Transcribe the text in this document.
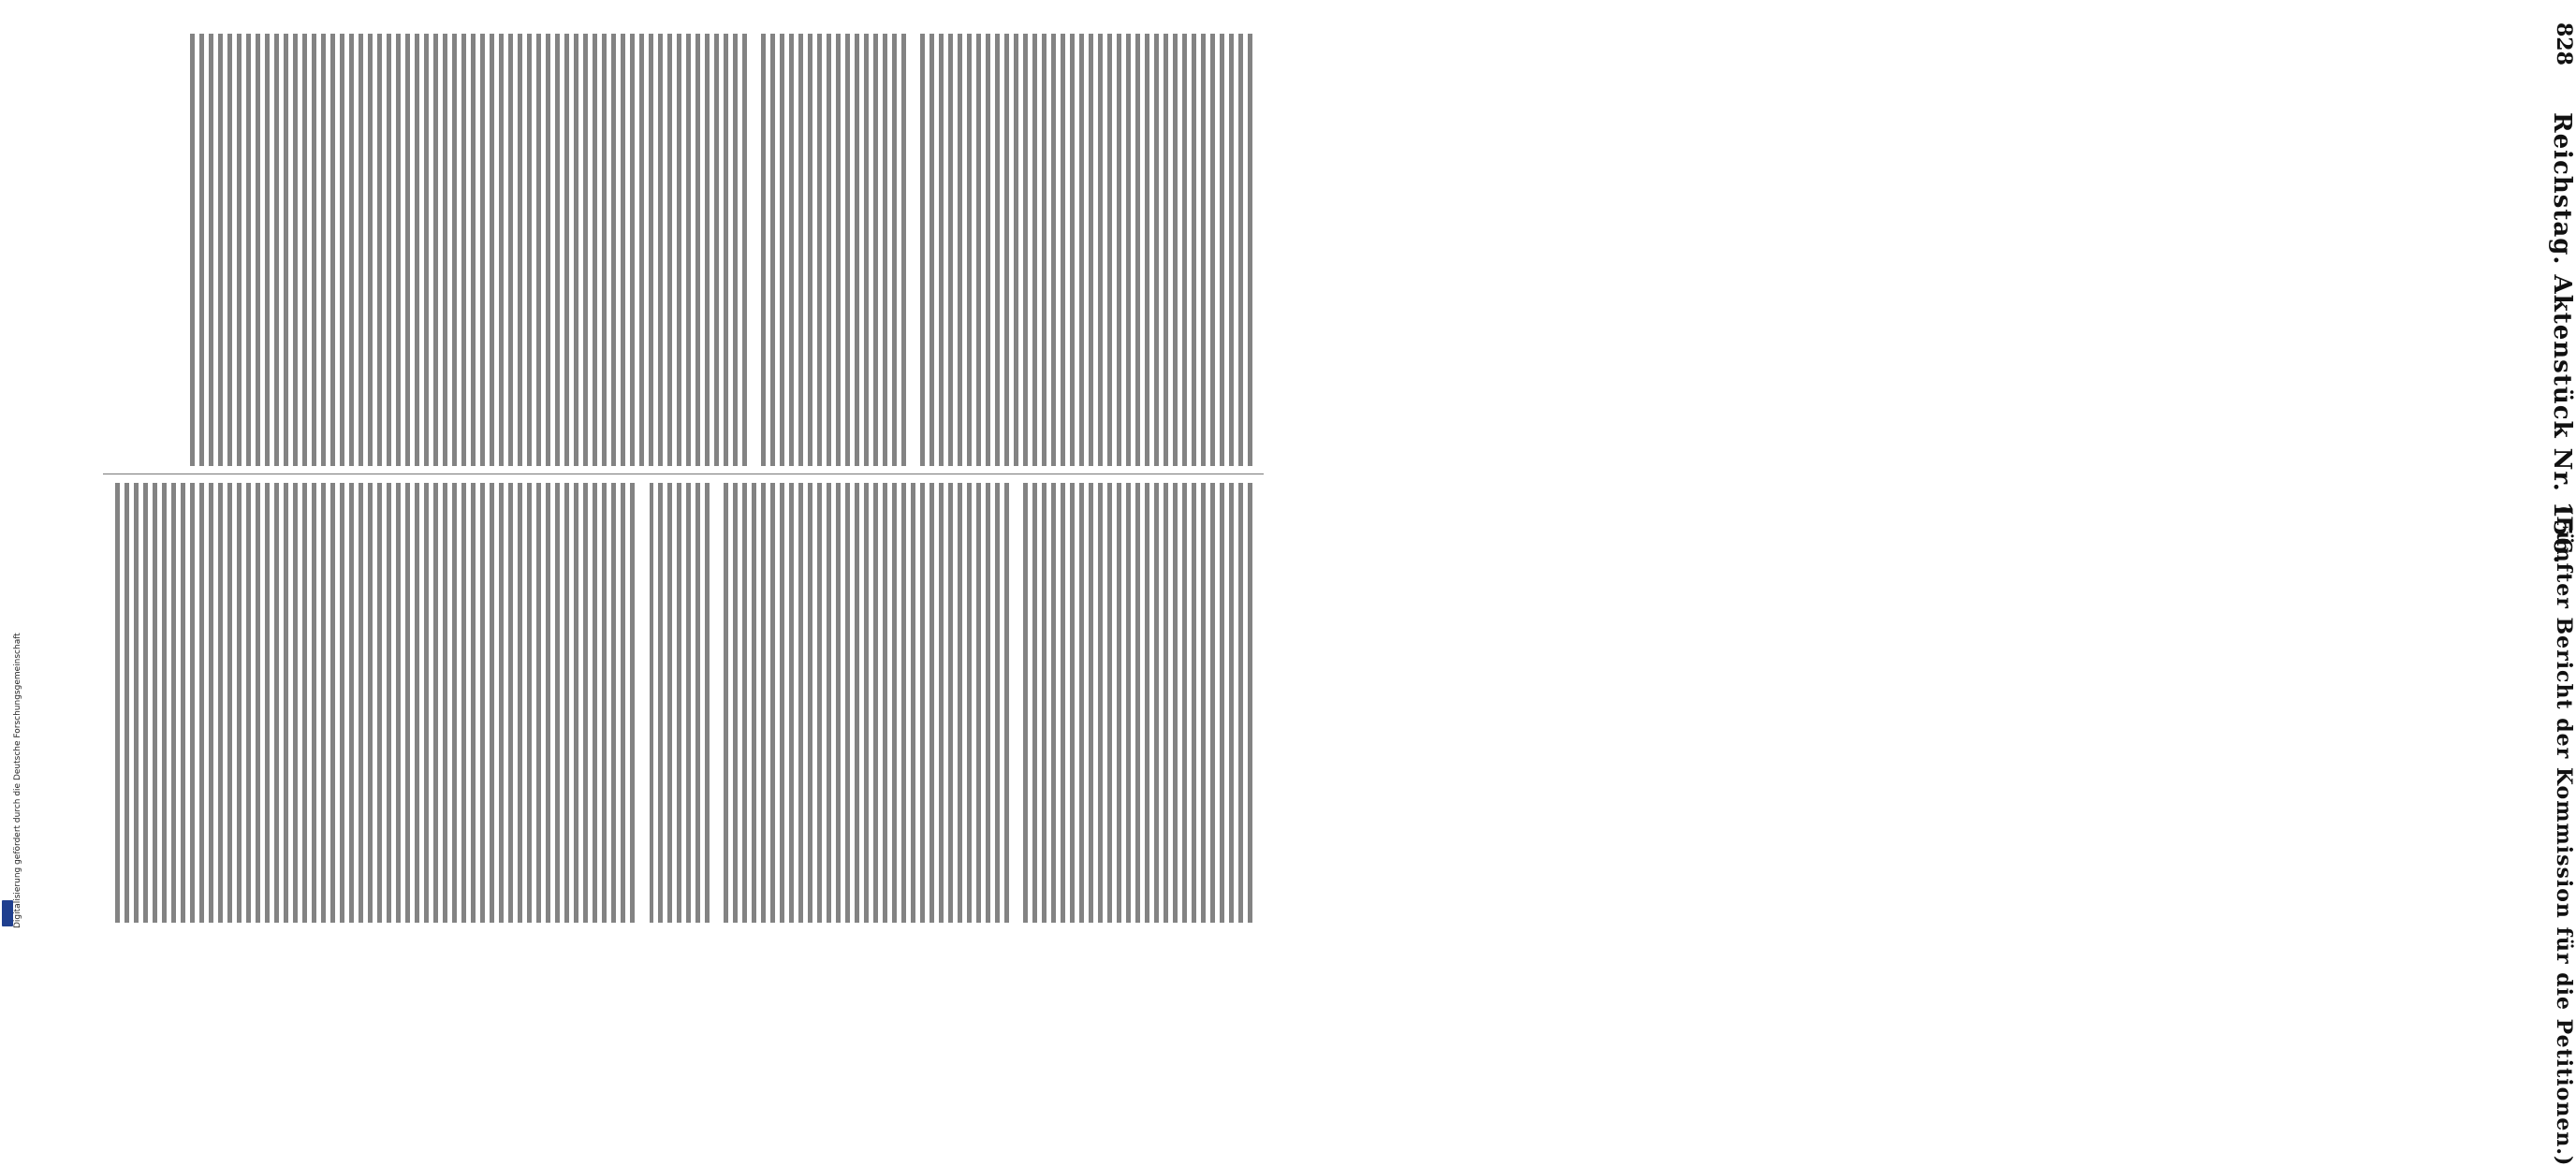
828
Reichstag. Aktenstück Nr. 156.
(Fünfter Bericht der Kommission für die Petitionen.)
Digitalisierung gefördert durch die Deutsche Forschungsgemeinschaft
